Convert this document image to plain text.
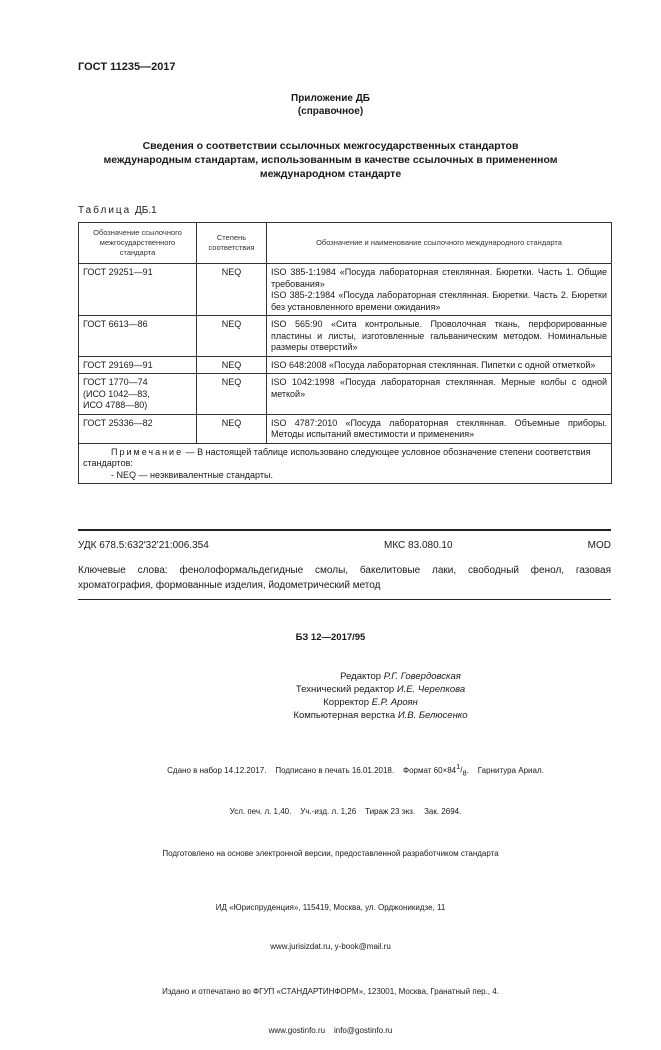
ГОСТ 11235—2017
Приложение ДБ
(справочное)
Сведения о соответствии ссылочных межгосударственных стандартов
международным стандартам, использованным в качестве ссылочных в примененном
международном стандарте
Таблица ДБ.1
Обозначение ссылочного межгосударственного стандарта	Степень соответствия	Обозначение и наименование ссылочного международного стандарта
ГОСТ 29251—91	NEQ	ISO 385-1:1984 «Посуда лабораторная стеклянная. Бюретки. Часть 1. Общие требования»
ISO 385-2:1984 «Посуда лабораторная стеклянная. Бюретки. Часть 2. Бюретки без установленного времени ожидания»

ГОСТ 6613—86	NEQ	ISO 565:90 «Сита контрольные. Проволочная ткань, перфорированные пластины и листы, изготовленные гальваническим методом. Номинальные размеры отверстий»
ГОСТ 29169—91	NEQ	ISO 648:2008 «Посуда лабораторная стеклянная. Пипетки с одной отметкой»
ГОСТ 1770—74 (ИСО 1042—83, ИСО 4788—80)	NEQ	ISO 1042:1998 «Посуда лабораторная стеклянная. Мерные колбы с одной меткой»
ГОСТ 25336—82	NEQ	ISO 4787:2010 «Посуда лабораторная стеклянная. Объемные приборы. Методы испытаний вместимости и применения»

Примечание — В настоящей таблице использовано следующее условное обозначение степени соответствия стандартов:
- NEQ — неэквивалентные стандарты.		
УДК 678.5:632'32'21:006.354	МКС 83.080.10	MOD
Ключевые слова: фенолоформальдегидные смолы, бакелитовые лаки, свободный фенол, газовая хроматография, формованные изделия, йодометрический метод
БЗ 12—2017/95
Редактор Р.Г. Говердовская
Технический редактор И.Е. Черепкова
Корректор Е.Р. Ароян
Компьютерная верстка И.В. Белюсенко

Сдано в набор 14.12.2017.    Подписано в печать 16.01.2018.    Формат $60\times 84^1/_8$.    Гарнитура Ариал.

Усл. печ. л. 1,40.    Уч.-изд. л. 1,26    Тираж 23 экз.    Зак. 2694.

Подготовлено на основе электронной версии, предоставленной разработчиком стандарта

ИД «Юриспруденция», 115419, Москва, ул. Орджоникидзе, 11

www.jurisizdat.ru, y-book@mail.ru

Издано и отпечатано во ФГУП «СТАНДАРТИНФОРМ», 123001, Москва, Гранатный пер., 4.

www.gostinfo.ru    info@gostinfo.ru
